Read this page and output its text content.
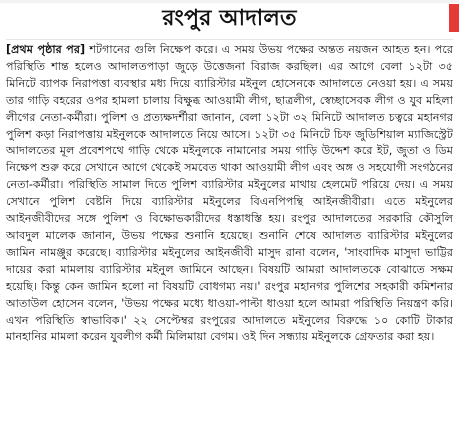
রংপুর আদালত
[প্রথম পৃষ্ঠার পর] শটগানের গুলি নিক্ষেপ করে। এ সময় উভয় পক্ষের অন্তত নয়জন আহত হন। পরে পরিস্থিতি শান্ত হলেও আদালতপাড়া জুড়ে উত্তেজনা বিরাজ করছিল। এর আগে বেলা ১২টা ৩৫ মিনিটে ব্যাপক নিরাপত্তা ব্যবস্থার মধ্য দিয়ে ব্যারিস্টার মইনুল হোসেনকে আদালতে নেওয়া হয়। এ সময় তার গাড়ি বহরের ওপর হামলা চালায় বিক্ষুব্ধ আওয়ামী লীগ, ছাত্রলীগ, স্বেচ্ছাসেবক লীগ ও যুব মহিলা লীগের নেতা-কর্মীরা। পুলিশ ও প্রত্যক্ষদর্শীরা জানান, বেলা ১২টা ৩২ মিনিটে আদালত চত্বরে মহানগর পুলিশ কড়া নিরাপত্তায় মইনুলকে আদালতে নিয়ে আসে। ১২টা ৩৫ মিনিটে চিফ জুডিশিয়াল ম্যাজিস্ট্রেট আদালতের মূল প্রবেশপথে গাড়ি থেকে মইনুলকে নামানোর সময় গাড়ি উদ্দেশ করে ইট, জুতা ও ডিম নিক্ষেপ শুরু করে সেখানে আগে থেকেই সমবেত থাকা আওয়ামী লীগ এবং অঙ্গ ও সহযোগী সংগঠনের নেতা-কর্মীরা। পরিস্থিতি সামাল দিতে পুলিশ ব্যারিস্টার মইনুলের মাথায় হেলমেট পরিয়ে দেয়। এ সময় সেখানে পুলিশ বেষ্টনি দিয়ে ব্যারিস্টার মইনুলের বিএনপিপন্থি আইনজীবীরা। এতে মইনুলের আইনজীবীদের সঙ্গে পুলিশ ও বিক্ষোভকারীদের ধস্তাধস্তি হয়। রংপুর আদালতের সরকারি কৌসুলি আবদুল মালেক জানান, উভয় পক্ষের শুনানি হয়েছে। শুনানি শেষে আদালত ব্যারিস্টার মইনুলের জামিন নামঞ্জুর করেছে। ব্যারিস্টার মইনুলের আইনজীবী মাসুদ রানা বলেন, 'সাংবাদিক মাসুদা ভাট্টির দায়ের করা মামলায় ব্যারিস্টার মইনুল জামিনে আছেন। বিষয়টি আমরা আদালতকে বোঝাতে সক্ষম হয়েছি। কিন্তু কেন জামিন হলো না বিষয়টি বোধগম্য নয়।' রংপুর মহানগর পুলিশের সহকারী কমিশনার আতাউল হোসেন বলেন, 'উভয় পক্ষের মধ্যে ধাওয়া-পাল্টা ধাওয়া হলে আমরা পরিস্থিতি নিয়ন্ত্রণ করি। এখন পরিস্থিতি স্বাভাবিক।' ২২ সেপ্টেম্বর রংপুরের আদালতে মইনুলের বিরুদ্ধে ১০ কোটি টাকার মানহানির মামলা করেন যুবলীগ কর্মী মিলিমায়া বেগম। ওই দিন সন্ধ্যায় মইনুলকে গ্রেফতার করা হয়।
